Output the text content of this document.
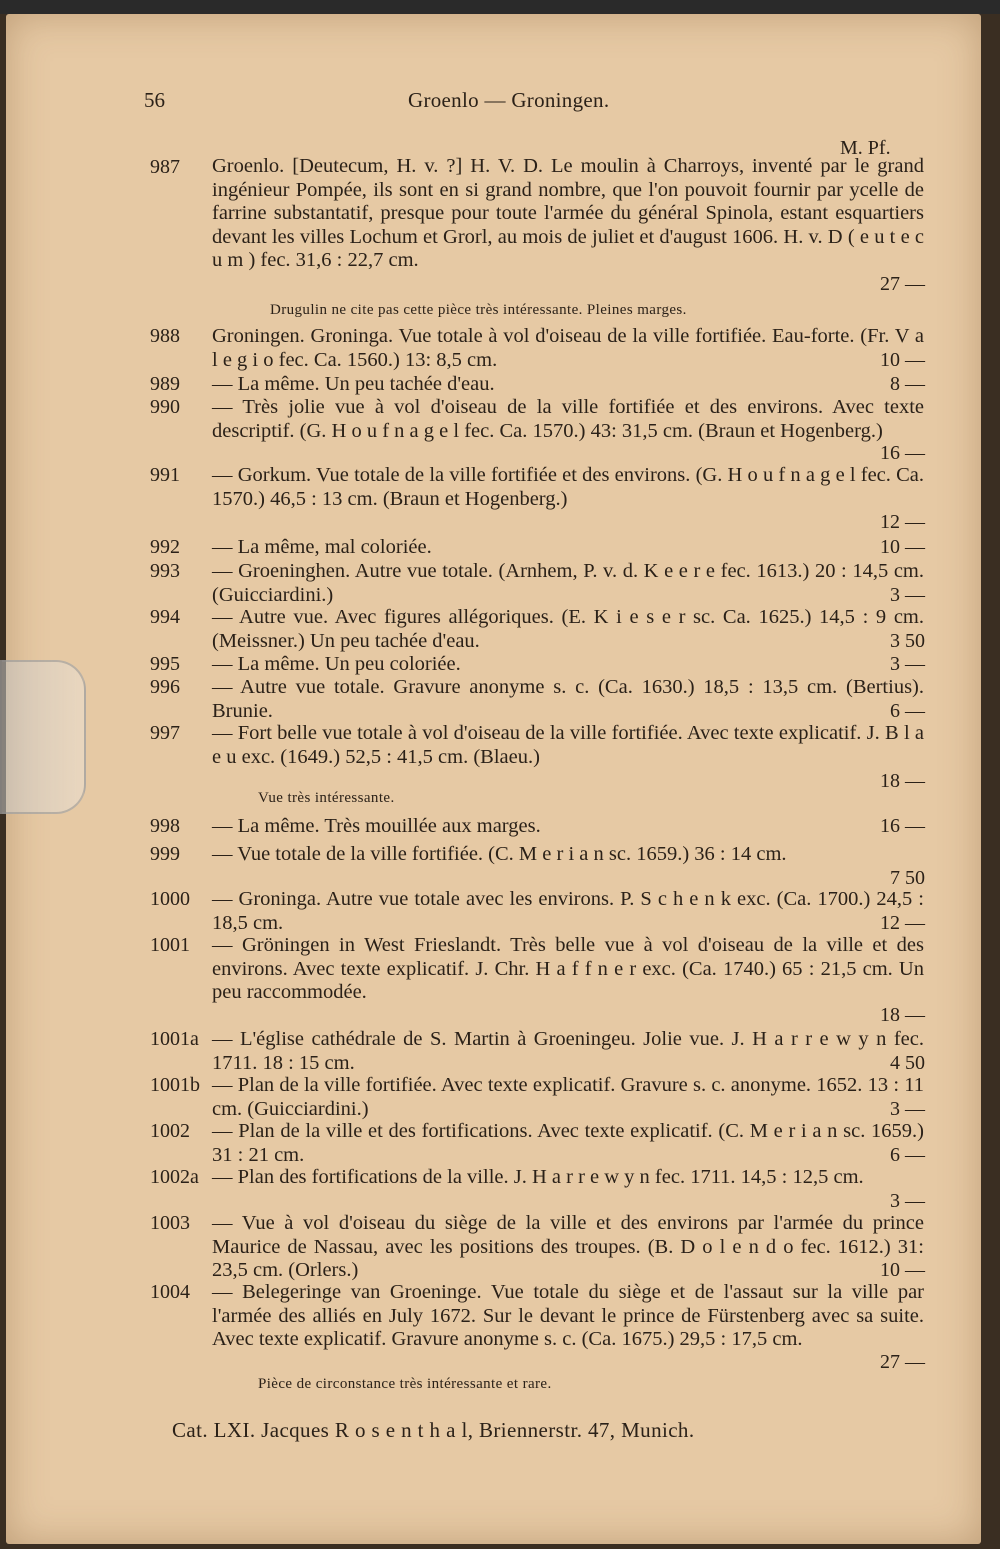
56	Groenlo — Groningen.
M. Pf.
987	Groenlo. [Deutecum, H. v. ?] H. V. D. Le moulin à Charroys, inventé par le grand ingénieur Pompée, ils sont en si grand nombre, que l'on pouvoit fournir par ycelle de farrine substantatif, presque pour toute l'armée du général Spinola, estant esquartiers devant les villes Lochum et Grorl, au mois de juliet et d'august 1606. H. v. D ( e u t e c u m ) fec. 31,6 : 22,7 cm.
27 —
Drugulin ne cite pas cette pièce très intéressante. Pleines marges.
988	Groningen. Groninga. Vue totale à vol d'oiseau de la ville fortifiée. Eau-forte. (Fr. V a l e g i o fec. Ca. 1560.) 13: 8,5 cm.	10 —
989	— La même. Un peu tachée d'eau.	8 —
990	— Très jolie vue à vol d'oiseau de la ville fortifiée et des environs. Avec texte descriptif. (G. H o u f n a g e l fec. Ca. 1570.) 43: 31,5 cm. (Braun et Hogenberg.)
16 —
991	— Gorkum. Vue totale de la ville fortifiée et des environs. (G. H o u f n a g e l fec. Ca. 1570.) 46,5 : 13 cm. (Braun et Hogenberg.)
12 —
992	— La même, mal coloriée.	10 —
993	— Groeninghen. Autre vue totale. (Arnhem, P. v. d. K e e r e fec. 1613.) 20 : 14,5 cm. (Guicciardini.)	3 —
994	— Autre vue. Avec figures allégoriques. (E. K i e s e r sc. Ca. 1625.) 14,5 : 9 cm. (Meissner.) Un peu tachée d'eau.	3 50
995	— La même. Un peu coloriée.	3 —
996	— Autre vue totale. Gravure anonyme s. c. (Ca. 1630.) 18,5 : 13,5 cm. (Bertius). Brunie.	6 —
997	— Fort belle vue totale à vol d'oiseau de la ville fortifiée. Avec texte explicatif. J. B l a e u exc. (1649.) 52,5 : 41,5 cm. (Blaeu.)
18 —
Vue très intéressante.
998	— La même. Très mouillée aux marges.	16 —
999	— Vue totale de la ville fortifiée. (C. M e r i a n sc. 1659.) 36 : 14 cm.
7 50
1000	— Groninga. Autre vue totale avec les environs. P. S c h e n k exc. (Ca. 1700.) 24,5 : 18,5 cm.	12 —
1001	— Gröningen in West Frieslandt. Très belle vue à vol d'oiseau de la ville et des environs. Avec texte explicatif. J. Chr. H a f f n e r exc. (Ca. 1740.) 65 : 21,5 cm. Un peu raccommodée.
18 —
1001a — L'église cathédrale de S. Martin à Groeningeu. Jolie vue. J. H a r r e w y n fec. 1711. 18 : 15 cm.	4 50
1001b — Plan de la ville fortifiée. Avec texte explicatif. Gravure s. c. anonyme. 1652. 13 : 11 cm. (Guicciardini.)	3 —
1002	— Plan de la ville et des fortifications. Avec texte explicatif. (C. M e r i a n sc. 1659.) 31 : 21 cm.	6 —
1002a — Plan des fortifications de la ville. J. H a r r e w y n fec. 1711. 14,5 : 12,5 cm.
3 —
1003	— Vue à vol d'oiseau du siège de la ville et des environs par l'armée du prince Maurice de Nassau, avec les positions des troupes. (B. D o l e n d o fec. 1612.) 31: 23,5 cm. (Orlers.)	10 —
1004	— Belegeringe van Groeninge. Vue totale du siège et de l'assaut sur la ville par l'armée des alliés en July 1672. Sur le devant le prince de Fürstenberg avec sa suite. Avec texte explicatif. Gravure anonyme s. c. (Ca. 1675.) 29,5 : 17,5 cm.
27 —
Pièce de circonstance très intéressante et rare.
Cat. LXI. Jacques R o s e n t h a l, Briennerstr. 47, Munich.
